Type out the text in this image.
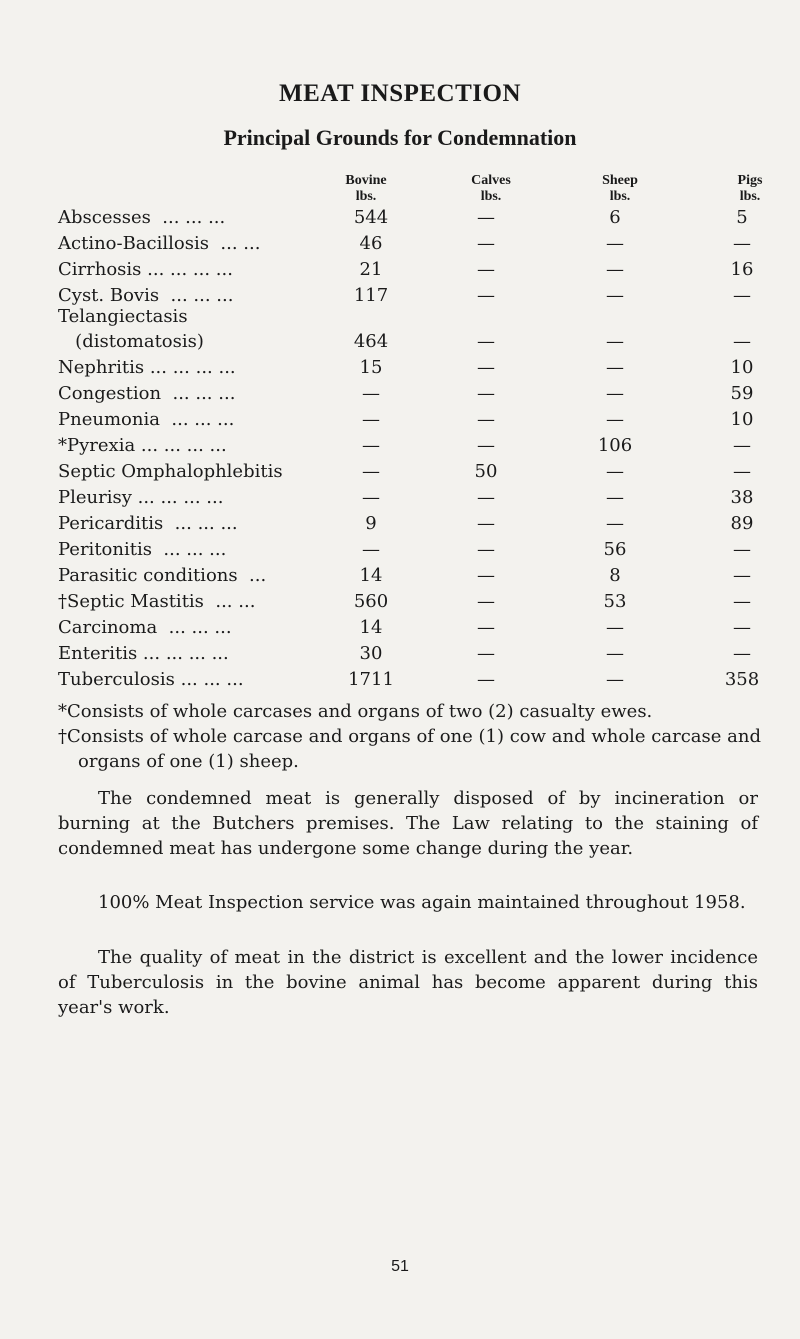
MEAT INSPECTION
Principal Grounds for Condemnation
Bovine
lbs.
Calves
lbs.
Sheep
lbs.
Pigs
lbs.
Abscesses  ... ... ...	544	—	6	5
Actino-Bacillosis  ... ...	46	—	—	—
Cirrhosis ... ... ... ...	21	—	—	16
Cyst. Bovis  ... ... ...	117	—	—	—
Telangiectasis
(distomatosis)	464	—	—	—
Nephritis ... ... ... ...	15	—	—	10
Congestion  ... ... ...	—	—	—	59
Pneumonia  ... ... ...	—	—	—	10
*Pyrexia ... ... ... ...	—	—	106	—
Septic Omphalophlebitis	—	50	—	—
Pleurisy ... ... ... ...	—	—	—	38
Pericarditis  ... ... ...	9	—	—	89
Peritonitis  ... ... ...	—	—	56	—
Parasitic conditions  ...	14	—	8	—
†Septic Mastitis  ... ...	560	—	53	—
Carcinoma  ... ... ...	14	—	—	—
Enteritis ... ... ... ...	30	—	—	—
Tuberculosis ... ... ...	1711	—	—	358
*Consists of whole carcases and organs of two (2) casualty ewes.
†Consists of whole carcase and organs of one (1) cow and whole carcase and organs of one (1) sheep.
The condemned meat is generally disposed of by incineration or burning at the Butchers premises. The Law relating to the staining of condemned meat has undergone some change during the year.
100% Meat Inspection service was again maintained throughout 1958.
The quality of meat in the district is excellent and the lower incidence of Tuberculosis in the bovine animal has become apparent during this year's work.
51
